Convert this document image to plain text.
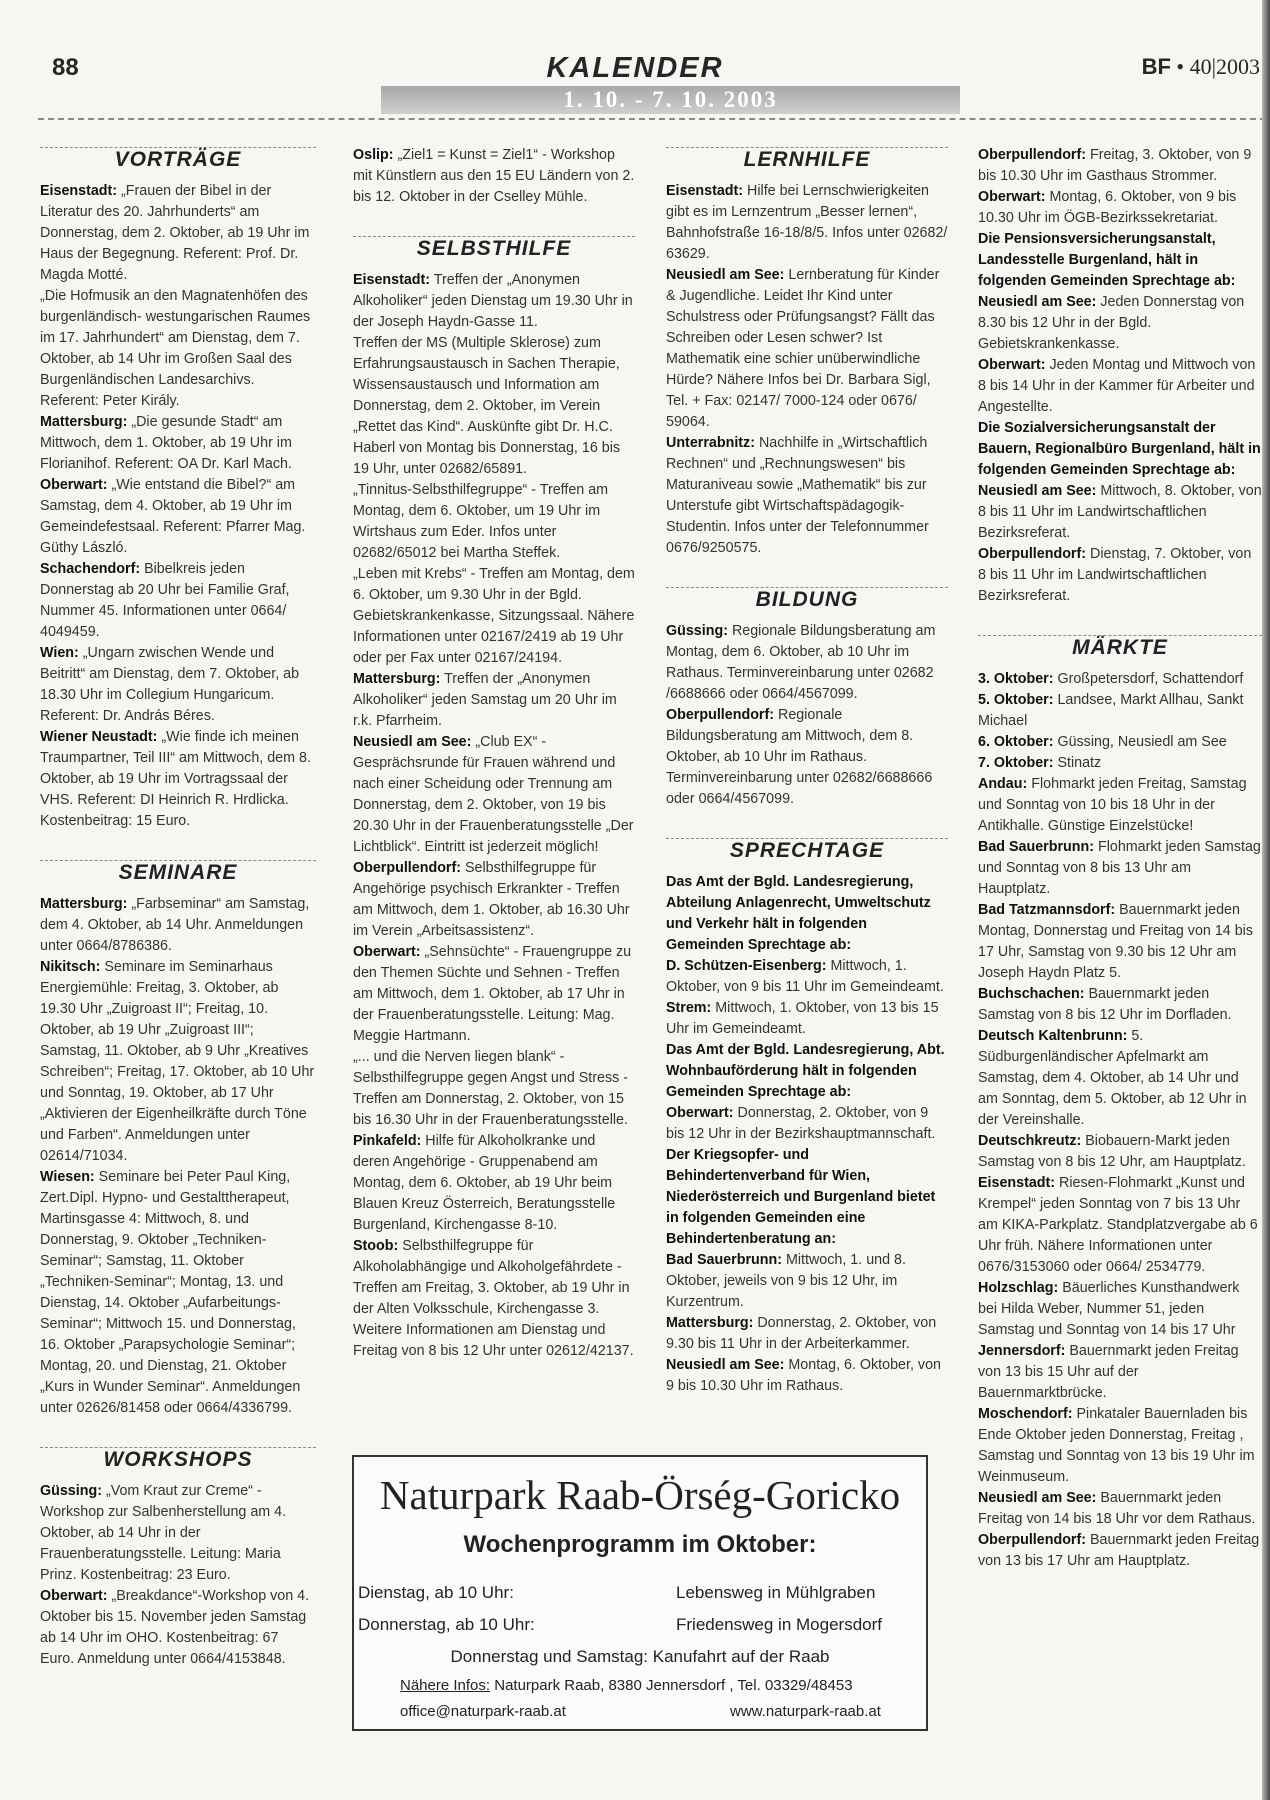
88	KALENDER
1. 10. - 7. 10. 2003
BF • 40|2003
VORTRÄGE

Eisenstadt: „Frauen der Bibel in der Literatur des 20. Jahrhunderts“ am Donnerstag, dem 2. Oktober, ab 19 Uhr im Haus der Begegnung. Referent: Prof. Dr. Magda Motté.

„Die Hofmusik an den Magnatenhöfen des burgenländisch- westungarischen Raumes im 17. Jahrhundert“ am Dienstag, dem 7. Oktober, ab 14 Uhr im Großen Saal des Burgenländischen Landesarchivs. Referent: Peter Király.

Mattersburg: „Die gesunde Stadt“ am Mittwoch, dem 1. Oktober, ab 19 Uhr im Florianihof. Referent: OA Dr. Karl Mach.

Oberwart: „Wie entstand die Bibel?“ am Samstag, dem 4. Oktober, ab 19 Uhr im Gemeindefestsaal. Referent: Pfarrer Mag. Güthy László.

Schachendorf: Bibelkreis jeden Donnerstag ab 20 Uhr bei Familie Graf, Nummer 45. Informationen unter 0664/ 4049459.

Wien: „Ungarn zwischen Wende und Beitritt“ am Dienstag, dem 7. Oktober, ab 18.30 Uhr im Collegium Hungaricum. Referent: Dr. András Béres.

Wiener Neustadt: „Wie finde ich meinen Traumpartner, Teil III“ am Mittwoch, dem 8. Oktober, ab 19 Uhr im Vortragssaal der VHS. Referent: DI Heinrich R. Hrdlicka. Kostenbeitrag: 15 Euro.

SEMINARE

Mattersburg: „Farbseminar“ am Samstag, dem 4. Oktober, ab 14 Uhr. Anmeldungen unter 0664/8786386.

Nikitsch: Seminare im Seminarhaus Energiemühle: Freitag, 3. Oktober, ab 19.30 Uhr „Zuigroast II“; Freitag, 10. Oktober, ab 19 Uhr „Zuigroast III“; Samstag, 11. Oktober, ab 9 Uhr „Kreatives Schreiben“; Freitag, 17. Oktober, ab 10 Uhr und Sonntag, 19. Oktober, ab 17 Uhr „Aktivieren der Eigenheilkräfte durch Töne und Farben“. Anmeldungen unter 02614/71034.

Wiesen: Seminare bei Peter Paul King, Zert.Dipl. Hypno- und Gestalttherapeut, Martinsgasse 4: Mittwoch, 8. und Donnerstag, 9. Oktober „Techniken-Seminar“; Samstag, 11. Oktober „Techniken-Seminar“; Montag, 13. und Dienstag, 14. Oktober „Aufarbeitungs-Seminar“; Mittwoch 15. und Donnerstag, 16. Oktober „Parapsychologie Seminar“; Montag, 20. und Dienstag, 21. Oktober „Kurs in Wunder Seminar“. Anmeldungen unter 02626/81458 oder 0664/4336799.

WORKSHOPS

Güssing: „Vom Kraut zur Creme“ - Workshop zur Salbenherstellung am 4. Oktober, ab 14 Uhr in der Frauenberatungsstelle. Leitung: Maria Prinz. Kostenbeitrag: 23 Euro.

Oberwart: „Breakdance“-Workshop von 4. Oktober bis 15. November jeden Samstag ab 14 Uhr im OHO. Kostenbeitrag: 67 Euro. Anmeldung unter 0664/4153848.

Oslip: „Ziel1 = Kunst = Ziel1“ - Workshop mit Künstlern aus den 15 EU Ländern von 2. bis 12. Oktober in der Cselley Mühle.

SELBSTHILFE

Eisenstadt: Treffen der „Anonymen Alkoholiker“ jeden Dienstag um 19.30 Uhr in der Joseph Haydn-Gasse 11.

Treffen der MS (Multiple Sklerose) zum Erfahrungsaustausch in Sachen Therapie, Wissensaustausch und Information am Donnerstag, dem 2. Oktober, im Verein „Rettet das Kind“. Auskünfte gibt Dr. H.C. Haberl von Montag bis Donnerstag, 16 bis 19 Uhr, unter 02682/65891.

„Tinnitus-Selbsthilfegruppe“ - Treffen am Montag, dem 6. Oktober, um 19 Uhr im Wirtshaus zum Eder. Infos unter 02682/65012 bei Martha Steffek.

„Leben mit Krebs“ - Treffen am Montag, dem 6. Oktober, um 9.30 Uhr in der Bgld. Gebietskrankenkasse, Sitzungssaal. Nähere Informationen unter 02167/2419 ab 19 Uhr oder per Fax unter 02167/24194.

Mattersburg: Treffen der „Anonymen Alkoholiker“ jeden Samstag um 20 Uhr im r.k. Pfarrheim.

Neusiedl am See: „Club EX“ - Gesprächsrunde für Frauen während und nach einer Scheidung oder Trennung am Donnerstag, dem 2. Oktober, von 19 bis 20.30 Uhr in der Frauenberatungsstelle „Der Lichtblick“. Eintritt ist jederzeit möglich!

Oberpullendorf: Selbsthilfegruppe für Angehörige psychisch Erkrankter - Treffen am Mittwoch, dem 1. Oktober, ab 16.30 Uhr im Verein „Arbeitsassistenz“.

Oberwart: „Sehnsüchte“ - Frauengruppe zu den Themen Süchte und Sehnen - Treffen am Mittwoch, dem 1. Oktober, ab 17 Uhr in der Frauenberatungsstelle. Leitung: Mag. Meggie Hartmann.

„... und die Nerven liegen blank“ - Selbsthilfegruppe gegen Angst und Stress - Treffen am Donnerstag, 2. Oktober, von 15 bis 16.30 Uhr in der Frauenberatungsstelle.

Pinkafeld: Hilfe für Alkoholkranke und deren Angehörige - Gruppenabend am Montag, dem 6. Oktober, ab 19 Uhr beim Blauen Kreuz Österreich, Beratungsstelle Burgenland, Kirchengasse 8-10.

Stoob: Selbsthilfegruppe für Alkoholabhängige und Alkoholgefährdete - Treffen am Freitag, 3. Oktober, ab 19 Uhr in der Alten Volksschule, Kirchengasse 3. Weitere Informationen am Dienstag und Freitag von 8 bis 12 Uhr unter 02612/42137.

LERNHILFE

Eisenstadt: Hilfe bei Lernschwierigkeiten gibt es im Lernzentrum „Besser lernen“, Bahnhofstraße 16-18/8/5. Infos unter 02682/ 63629.

Neusiedl am See: Lernberatung für Kinder & Jugendliche. Leidet Ihr Kind unter Schulstress oder Prüfungsangst? Fällt das Schreiben oder Lesen schwer? Ist Mathematik eine schier unüberwindliche Hürde? Nähere Infos bei Dr. Barbara Sigl, Tel. + Fax: 02147/ 7000-124 oder 0676/ 59064.

Unterrabnitz: Nachhilfe in „Wirtschaftlich Rechnen“ und „Rechnungswesen“ bis Maturaniveau sowie „Mathematik“ bis zur Unterstufe gibt Wirtschaftspädagogik-Studentin. Infos unter der Telefonnummer 0676/9250575.

BILDUNG

Güssing: Regionale Bildungsberatung am Montag, dem 6. Oktober, ab 10 Uhr im Rathaus. Terminvereinbarung unter 02682 /6688666 oder 0664/4567099.

Oberpullendorf: Regionale Bildungsberatung am Mittwoch, dem 8. Oktober, ab 10 Uhr im Rathaus. Terminvereinbarung unter 02682/6688666 oder 0664/4567099.

SPRECHTAGE

Das Amt der Bgld. Landesregierung, Abteilung Anlagenrecht, Umweltschutz und Verkehr hält in folgenden Gemeinden Sprechtage ab:

D. Schützen-Eisenberg: Mittwoch, 1. Oktober, von 9 bis 11 Uhr im Gemeindeamt.

Strem: Mittwoch, 1. Oktober, von 13 bis 15 Uhr im Gemeindeamt.

Das Amt der Bgld. Landesregierung, Abt. Wohnbauförderung hält in folgenden Gemeinden Sprechtage ab:

Oberwart: Donnerstag, 2. Oktober, von 9 bis 12 Uhr in der Bezirkshauptmannschaft.

Der Kriegsopfer- und Behindertenverband für Wien, Niederösterreich und Burgenland bietet in folgenden Gemeinden eine Behindertenberatung an:

Bad Sauerbrunn: Mittwoch, 1. und 8. Oktober, jeweils von 9 bis 12 Uhr, im Kurzentrum.

Mattersburg: Donnerstag, 2. Oktober, von 9.30 bis 11 Uhr in der Arbeiterkammer.

Neusiedl am See: Montag, 6. Oktober, von 9 bis 10.30 Uhr im Rathaus.

Oberpullendorf: Freitag, 3. Oktober, von 9 bis 10.30 Uhr im Gasthaus Strommer.

Oberwart: Montag, 6. Oktober, von 9 bis 10.30 Uhr im ÖGB-Bezirkssekretariat.

Die Pensionsversicherungsanstalt, Landesstelle Burgenland, hält in folgenden Gemeinden Sprechtage ab:

Neusiedl am See: Jeden Donnerstag von 8.30 bis 12 Uhr in der Bgld. Gebietskrankenkasse.

Oberwart: Jeden Montag und Mittwoch von 8 bis 14 Uhr in der Kammer für Arbeiter und Angestellte.

Die Sozialversicherungsanstalt der Bauern, Regionalbüro Burgenland, hält in folgenden Gemeinden Sprechtage ab:

Neusiedl am See: Mittwoch, 8. Oktober, von 8 bis 11 Uhr im Landwirtschaftlichen Bezirksreferat.

Oberpullendorf: Dienstag, 7. Oktober, von 8 bis 11 Uhr im Landwirtschaftlichen Bezirksreferat.

MÄRKTE

3. Oktober: Großpetersdorf, Schattendorf

5. Oktober: Landsee, Markt Allhau, Sankt Michael

6. Oktober: Güssing, Neusiedl am See

7. Oktober: Stinatz

Andau: Flohmarkt jeden Freitag, Samstag und Sonntag von 10 bis 18 Uhr in der Antikhalle. Günstige Einzelstücke!

Bad Sauerbrunn: Flohmarkt jeden Samstag und Sonntag von 8 bis 13 Uhr am Hauptplatz.

Bad Tatzmannsdorf: Bauernmarkt jeden Montag, Donnerstag und Freitag von 14 bis 17 Uhr, Samstag von 9.30 bis 12 Uhr am Joseph Haydn Platz 5.

Buchschachen: Bauernmarkt jeden Samstag von 8 bis 12 Uhr im Dorfladen.

Deutsch Kaltenbrunn: 5. Südburgenländischer Apfelmarkt am Samstag, dem 4. Oktober, ab 14 Uhr und am Sonntag, dem 5. Oktober, ab 12 Uhr in der Vereinshalle.

Deutschkreutz: Biobauern-Markt jeden Samstag von 8 bis 12 Uhr, am Hauptplatz.

Eisenstadt: Riesen-Flohmarkt „Kunst und Krempel“ jeden Sonntag von 7 bis 13 Uhr am KIKA-Parkplatz. Standplatzvergabe ab 6 Uhr früh. Nähere Informationen unter 0676/3153060 oder 0664/ 2534779.

Holzschlag: Bäuerliches Kunsthandwerk bei Hilda Weber, Nummer 51, jeden Samstag und Sonntag von 14 bis 17 Uhr

Jennersdorf: Bauernmarkt jeden Freitag von 13 bis 15 Uhr auf der Bauernmarktbrücke.

Moschendorf: Pinkataler Bauernladen bis Ende Oktober jeden Donnerstag, Freitag , Samstag und Sonntag von 13 bis 19 Uhr im Weinmuseum.

Neusiedl am See: Bauernmarkt jeden Freitag von 14 bis 18 Uhr vor dem Rathaus.

Oberpullendorf: Bauernmarkt jeden Freitag von 13 bis 17 Uhr am Hauptplatz.

Naturpark Raab-Örség-Goricko
Wochenprogramm im Oktober:
Dienstag, ab 10 Uhr:	Lebensweg in Mühlgraben
Donnerstag, ab 10 Uhr:	Friedensweg in Mogersdorf
Donnerstag und Samstag: Kanufahrt auf der Raab
Nähere Infos: Naturpark Raab, 8380 Jennersdorf , Tel. 03329/48453
office@naturpark-raab.at	www.naturpark-raab.at
